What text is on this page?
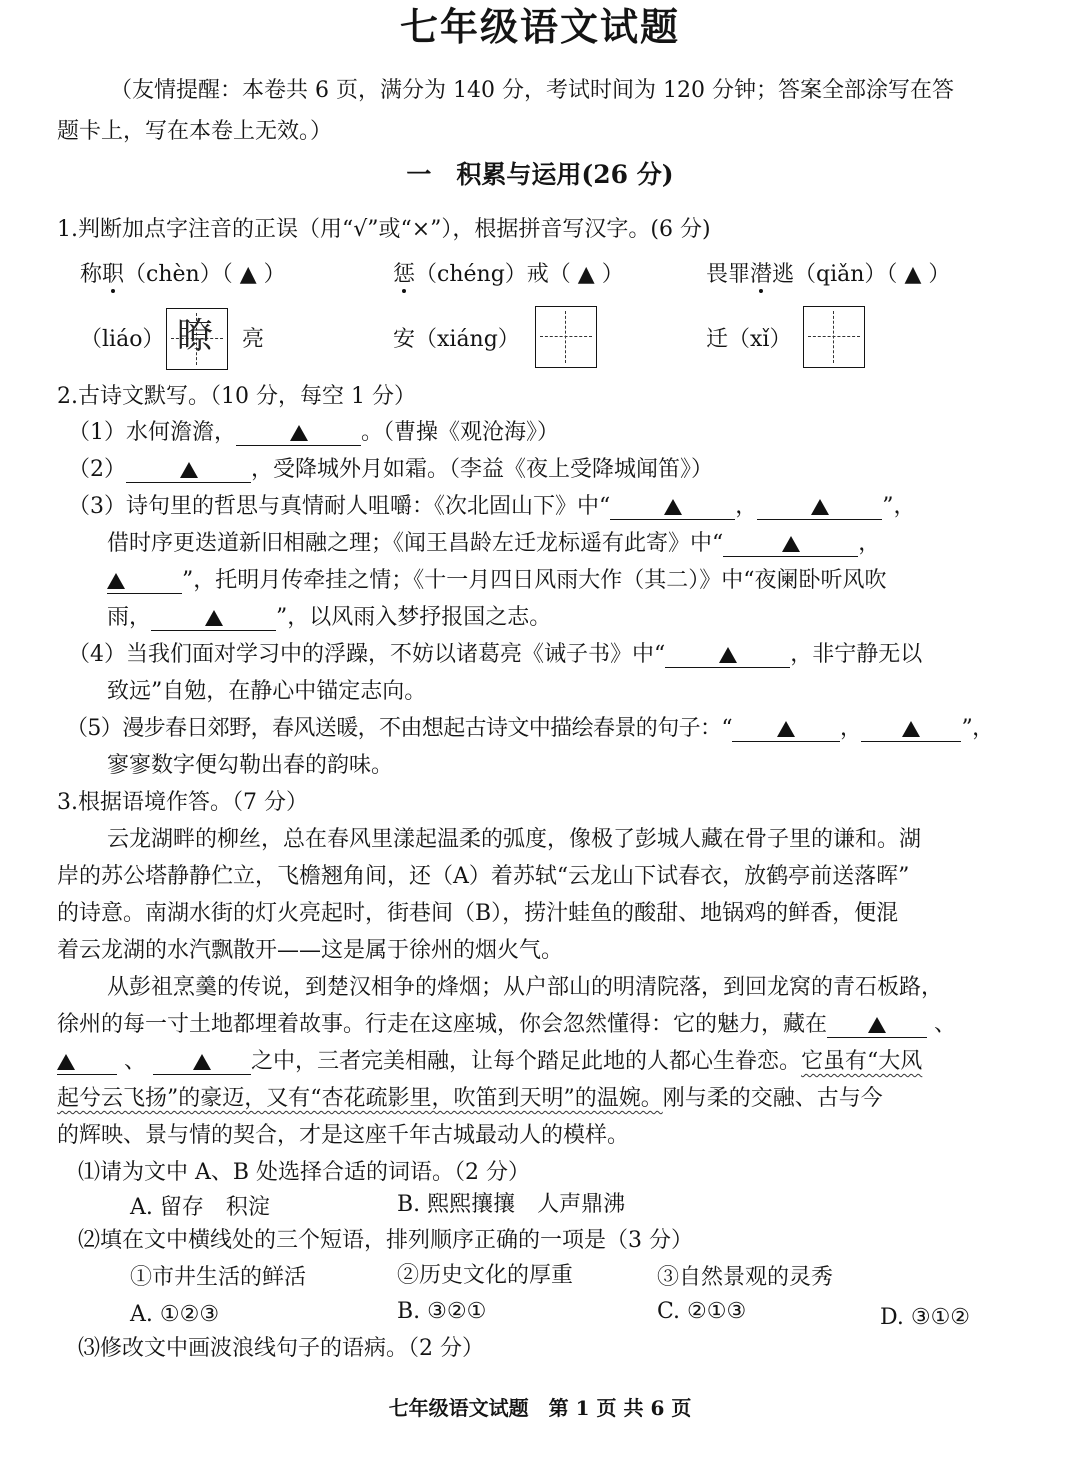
七年级语文试题
（友情提醒：本卷共 6 页，满分为 140 分，考试时间为 120 分钟；答案全部涂写在答
题卡上，写在本卷上无效。）
一　积累与运用(26 分)
1.判断加点字注音的正误（用“√”或“×”），根据拼音写汉字。(6 分)
称职（chèn）（ ▲ ）	惩（chéng）戒（ ▲ ）	畏罪潜逃（qiǎn）（ ▲ ）
（liáo） 瞭 亮	安（xiáng）	迁（xǐ）
2.古诗文默写。（10 分，每空 1 分）
（1）水何澹澹，	。（曹操《观沧海》）
（2）	，受降城外月如霜。（李益《夜上受降城闻笛》）
（3）诗句里的哲思与真情耐人咀嚼：《次北固山下》中“	，	”，
借时序更迭道新旧相融之理；《闻王昌龄左迁龙标遥有此寄》中“	，
”，托明月传牵挂之情；《十一月四日风雨大作（其二）》中“夜阑卧听风吹
雨，	”，以风雨入梦抒报国之志。
（4）当我们面对学习中的浮躁，不妨以诸葛亮《诫子书》中“	，非宁静无以
致远”自勉，在静心中锚定志向。
（5）漫步春日郊野，春风送暖，不由想起古诗文中描绘春景的句子：“	，	”，
寥寥数字便勾勒出春的韵味。
3.根据语境作答。（7 分）
云龙湖畔的柳丝，总在春风里漾起温柔的弧度，像极了彭城人藏在骨子里的谦和。湖
岸的苏公塔静静伫立，飞檐翘角间，还（A）着苏轼“云龙山下试春衣，放鹤亭前送落晖”
的诗意。南湖水街的灯火亮起时，街巷间（B），捞汁蛙鱼的酸甜、地锅鸡的鲜香，便混
着云龙湖的水汽飘散开——这是属于徐州的烟火气。
从彭祖烹羹的传说，到楚汉相争的烽烟；从户部山的明清院落，到回龙窝的青石板路，
徐州的每一寸土地都埋着故事。行走在这座城，你会忽然懂得：它的魅力，藏在	、
、	之中，三者完美相融，让每个踏足此地的人都心生眷恋。它虽有“大风
起兮云飞扬”的豪迈，又有“杏花疏影里，吹笛到天明”的温婉。刚与柔的交融、古与今
的辉映、景与情的契合，才是这座千年古城最动人的模样。
⑴请为文中 A、B 处选择合适的词语。（2 分）
A. 留存　积淀	B. 熙熙攘攘　人声鼎沸
⑵填在文中横线处的三个短语，排列顺序正确的一项是（3 分）
①市井生活的鲜活	②历史文化的厚重	③自然景观的灵秀
A. ①②③	B. ③②①	C. ②①③	D. ③①②
⑶修改文中画波浪线句子的语病。（2 分）
七年级语文试题　第 1 页 共 6 页
